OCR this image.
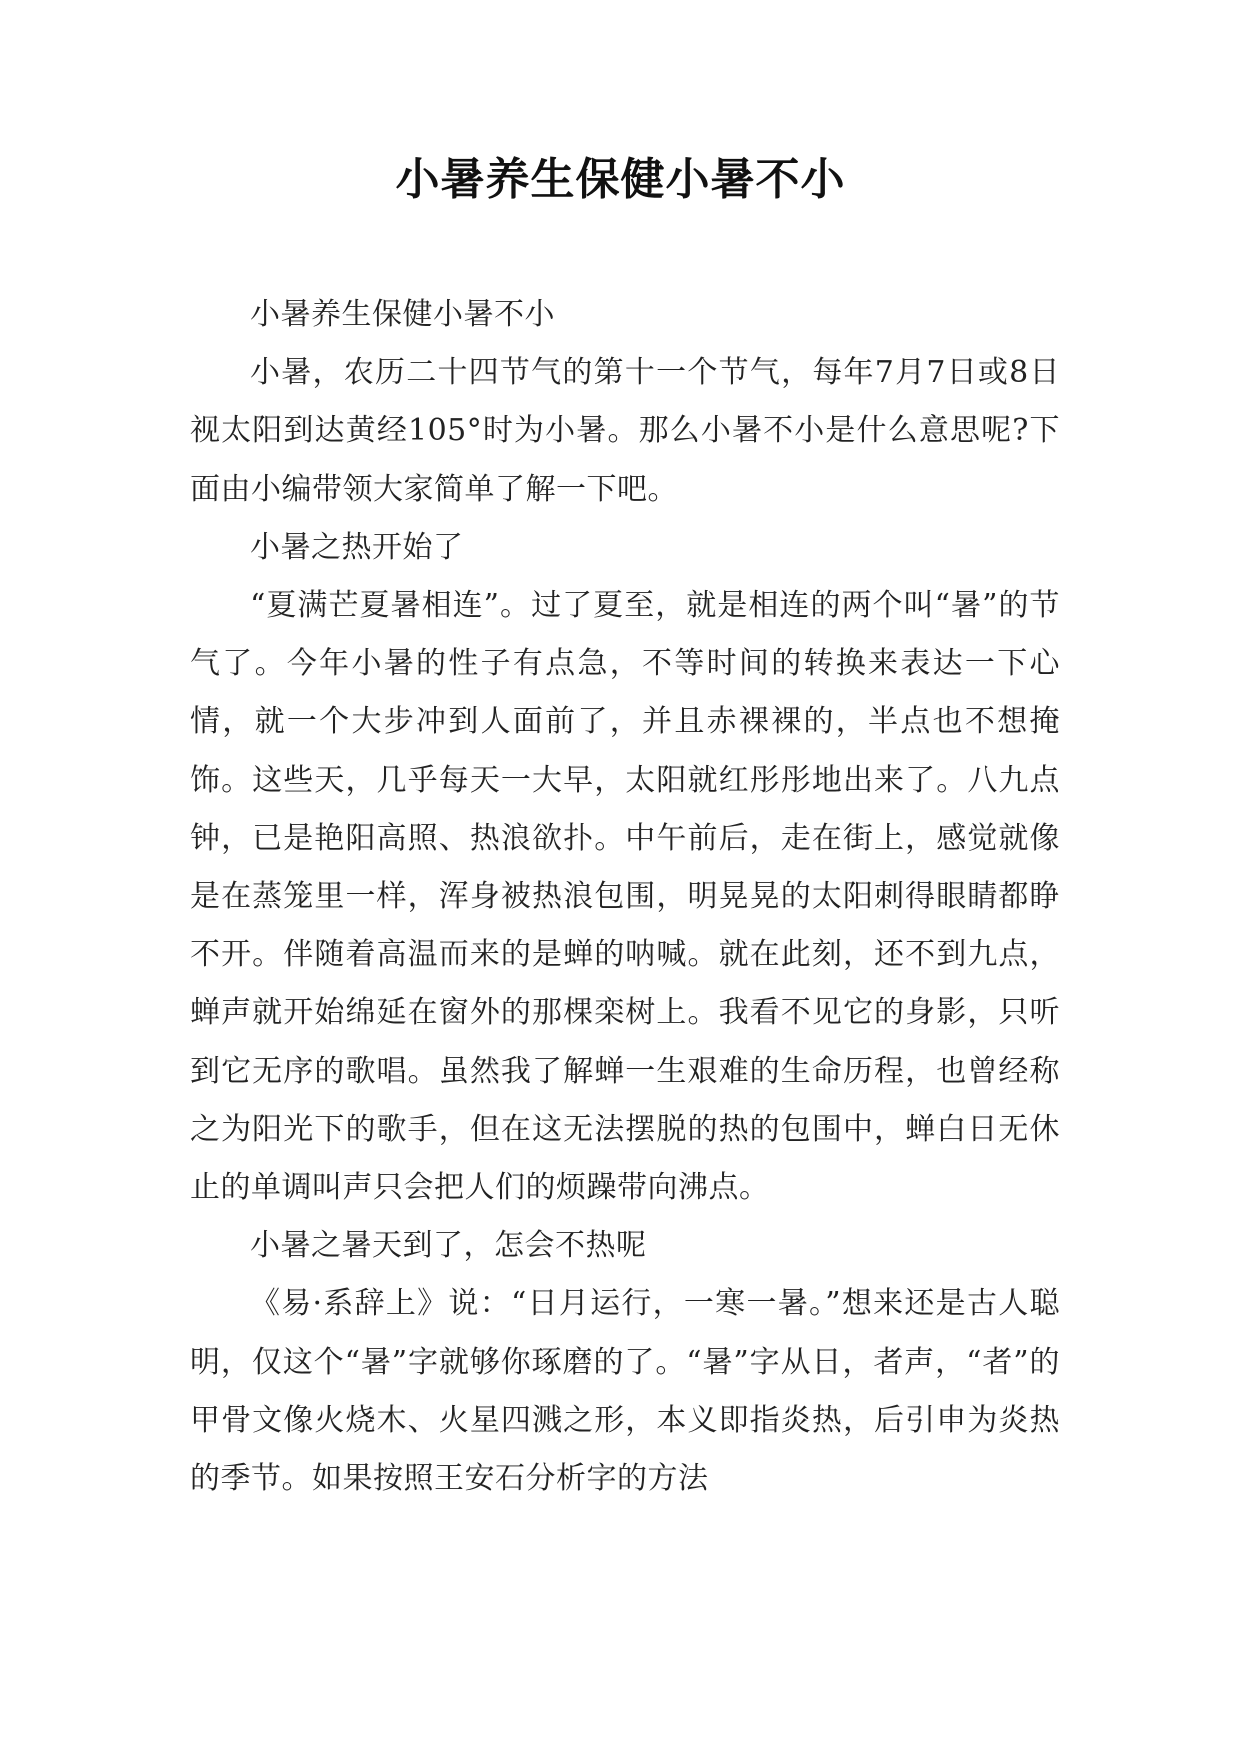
小暑养生保健小暑不小

小暑养生保健小暑不小

小暑，农历二十四节气的第十一个节气，每年7月7日或8日视太阳到达黄经105°时为小暑。那么小暑不小是什么意思呢?下面由小编带领大家简单了解一下吧。

小暑之热开始了

“夏满芒夏暑相连”。过了夏至，就是相连的两个叫“暑”的节气了。今年小暑的性子有点急，不等时间的转换来表达一下心情，就一个大步冲到人面前了，并且赤裸裸的，半点也不想掩饰。这些天，几乎每天一大早，太阳就红彤彤地出来了。八九点钟，已是艳阳高照、热浪欲扑。中午前后，走在街上，感觉就像是在蒸笼里一样，浑身被热浪包围，明晃晃的太阳刺得眼睛都睁不开。伴随着高温而来的是蝉的呐喊。就在此刻，还不到九点，蝉声就开始绵延在窗外的那棵栾树上。我看不见它的身影，只听到它无序的歌唱。虽然我了解蝉一生艰难的生命历程，也曾经称之为阳光下的歌手，但在这无法摆脱的热的包围中，蝉白日无休止的单调叫声只会把人们的烦躁带向沸点。

小暑之暑天到了，怎会不热呢

《易·系辞上》说：“日月运行，一寒一暑。”想来还是古人聪明，仅这个“暑”字就够你琢磨的了。“暑”字从日，者声，“者”的甲骨文像火烧木、火星四溅之形，本义即指炎热，后引申为炎热的季节。如果按照王安石分析字的方法
